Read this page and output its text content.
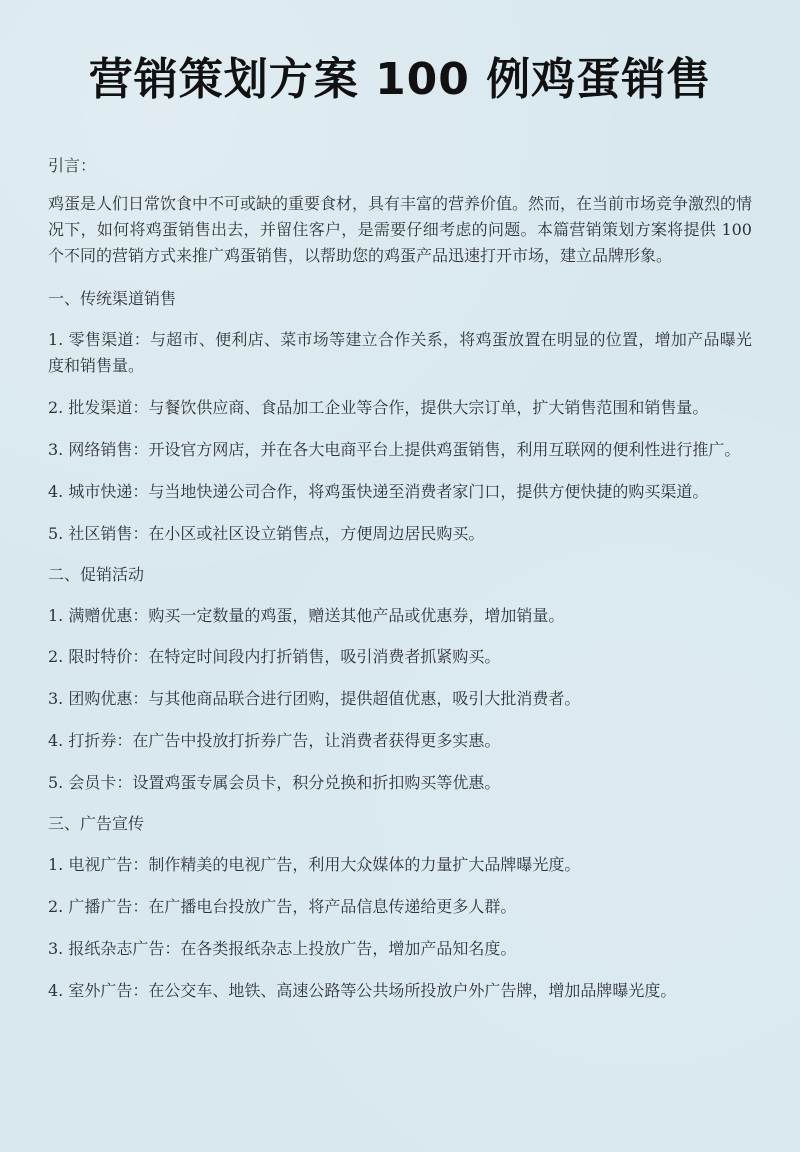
营销策划方案 100 例鸡蛋销售
引言：
鸡蛋是人们日常饮食中不可或缺的重要食材，具有丰富的营养价值。然而，在当前市场竞争激烈的情况下，如何将鸡蛋销售出去，并留住客户，是需要仔细考虑的问题。本篇营销策划方案将提供 100 个不同的营销方式来推广鸡蛋销售，以帮助您的鸡蛋产品迅速打开市场，建立品牌形象。
一、传统渠道销售
1. 零售渠道：与超市、便利店、菜市场等建立合作关系，将鸡蛋放置在明显的位置，增加产品曝光度和销售量。
2. 批发渠道：与餐饮供应商、食品加工企业等合作，提供大宗订单，扩大销售范围和销售量。
3. 网络销售：开设官方网店，并在各大电商平台上提供鸡蛋销售，利用互联网的便利性进行推广。
4. 城市快递：与当地快递公司合作，将鸡蛋快递至消费者家门口，提供方便快捷的购买渠道。
5. 社区销售：在小区或社区设立销售点，方便周边居民购买。
二、促销活动
1. 满赠优惠：购买一定数量的鸡蛋，赠送其他产品或优惠券，增加销量。
2. 限时特价：在特定时间段内打折销售，吸引消费者抓紧购买。
3. 团购优惠：与其他商品联合进行团购，提供超值优惠，吸引大批消费者。
4. 打折券：在广告中投放打折券广告，让消费者获得更多实惠。
5. 会员卡：设置鸡蛋专属会员卡，积分兑换和折扣购买等优惠。
三、广告宣传
1. 电视广告：制作精美的电视广告，利用大众媒体的力量扩大品牌曝光度。
2. 广播广告：在广播电台投放广告，将产品信息传递给更多人群。
3. 报纸杂志广告：在各类报纸杂志上投放广告，增加产品知名度。
4. 室外广告：在公交车、地铁、高速公路等公共场所投放户外广告牌，增加品牌曝光度。
